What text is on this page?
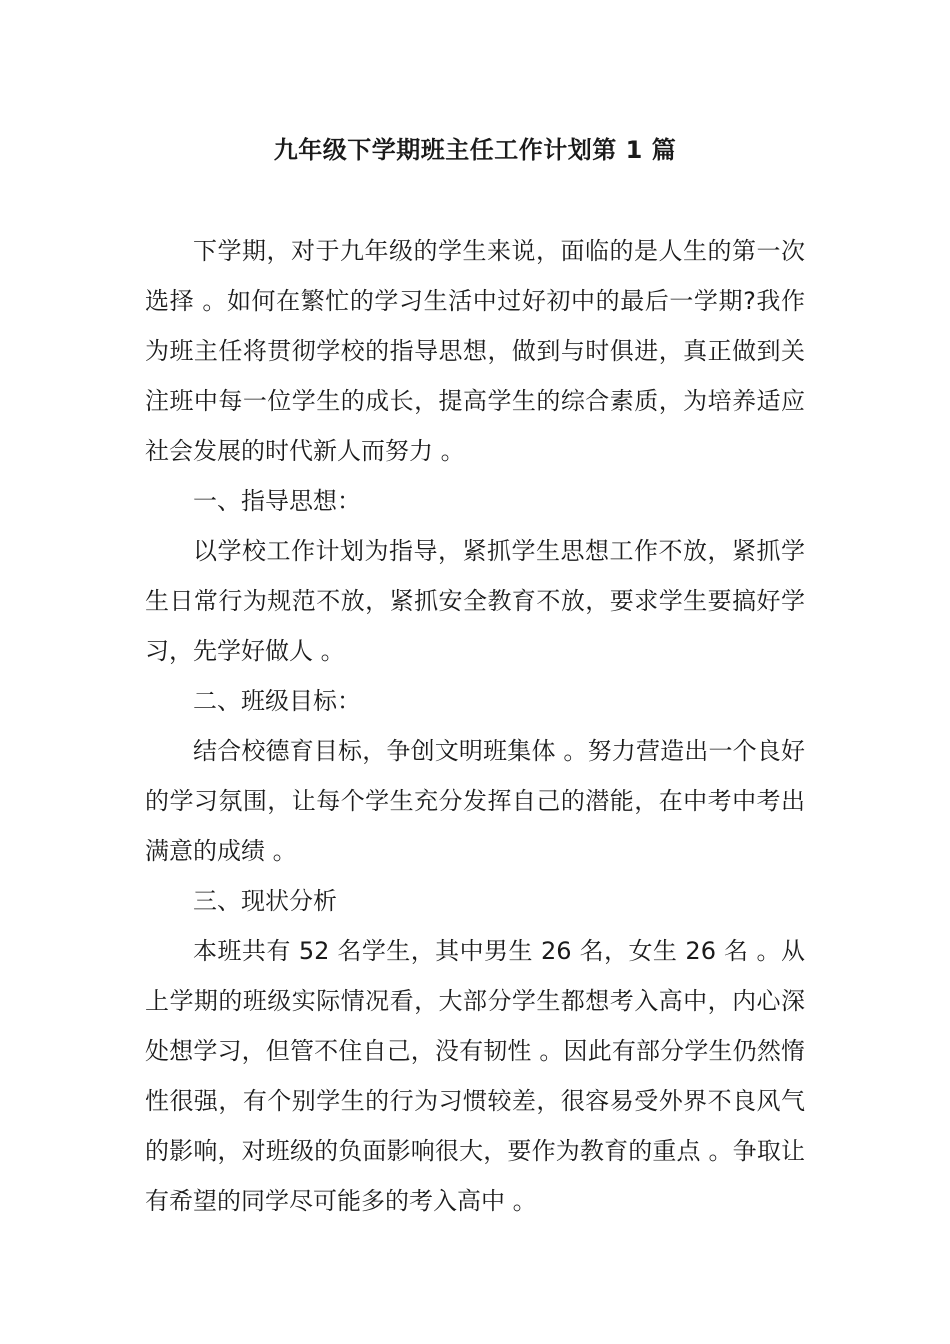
九年级下学期班主任工作计划第 1 篇

下学期，对于九年级的学生来说，面临的是人生的第一次选择 。如何在繁忙的学习生活中过好初中的最后一学期?我作为班主任将贯彻学校的指导思想，做到与时俱进，真正做到关注班中每一位学生的成长，提高学生的综合素质，为培养适应社会发展的时代新人而努力 。

一、指导思想：

以学校工作计划为指导，紧抓学生思想工作不放，紧抓学生日常行为规范不放，紧抓安全教育不放，要求学生要搞好学习，先学好做人 。

二、班级目标：

结合校德育目标，争创文明班集体 。努力营造出一个良好的学习氛围，让每个学生充分发挥自己的潜能，在中考中考出满意的成绩 。

三、现状分析

本班共有 52 名学生，其中男生 26 名，女生 26 名 。从上学期的班级实际情况看，大部分学生都想考入高中，内心深处想学习，但管不住自己，没有韧性 。因此有部分学生仍然惰性很强，有个别学生的行为习惯较差，很容易受外界不良风气的影响，对班级的负面影响很大，要作为教育的重点 。争取让有希望的同学尽可能多的考入高中 。
